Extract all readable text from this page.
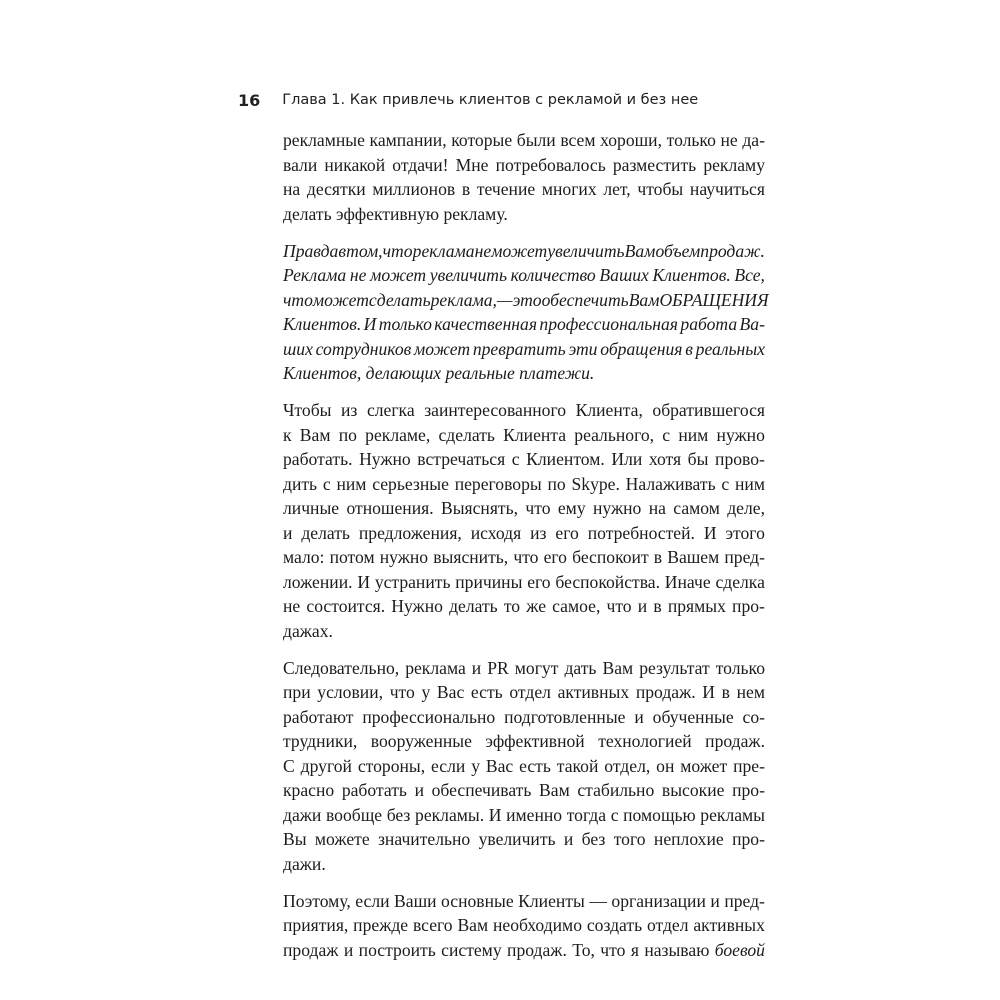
16 Глава 1. Как привлечь клиентов с рекламой и без нее
рекламные кампании, которые были всем хороши, только не да-
вали никакой отдачи! Мне потребовалось разместить рекламу
на десятки миллионов в течение многих лет, чтобы научиться
делать эффективную рекламу.
Правда в том, что реклама не может увеличить Вам объем продаж.
Реклама не может увеличить количество Ваших Клиентов. Все,
что может сделать реклама, — это обеспечить Вам ОБРАЩЕНИЯ
Клиентов. И только качественная профессиональная работа Ва-
ших сотрудников может превратить эти обращения в реальных
Клиентов, делающих реальные платежи.
Чтобы из слегка заинтересованного Клиента, обратившегося
к Вам по рекламе, сделать Клиента реального, с ним нужно
работать. Нужно встречаться с Клиентом. Или хотя бы прово-
дить с ним серьезные переговоры по Skype. Налаживать с ним
личные отношения. Выяснять, что ему нужно на самом деле,
и делать предложения, исходя из его потребностей. И этого
мало: потом нужно выяснить, что его беспокоит в Вашем пред-
ложении. И устранить причины его беспокойства. Иначе сделка
не состоится. Нужно делать то же самое, что и в прямых про-
дажах.
Следовательно, реклама и PR могут дать Вам результат только
при условии, что у Вас есть отдел активных продаж. И в нем
работают профессионально подготовленные и обученные со-
трудники, вооруженные эффективной технологией продаж.
С другой стороны, если у Вас есть такой отдел, он может пре-
красно работать и обеспечивать Вам стабильно высокие про-
дажи вообще без рекламы. И именно тогда с помощью рекламы
Вы можете значительно увеличить и без того неплохие про-
дажи.
Поэтому, если Ваши основные Клиенты — организации и пред-
приятия, прежде всего Вам необходимо создать отдел активных
продаж и построить систему продаж. То, что я называю боевой
